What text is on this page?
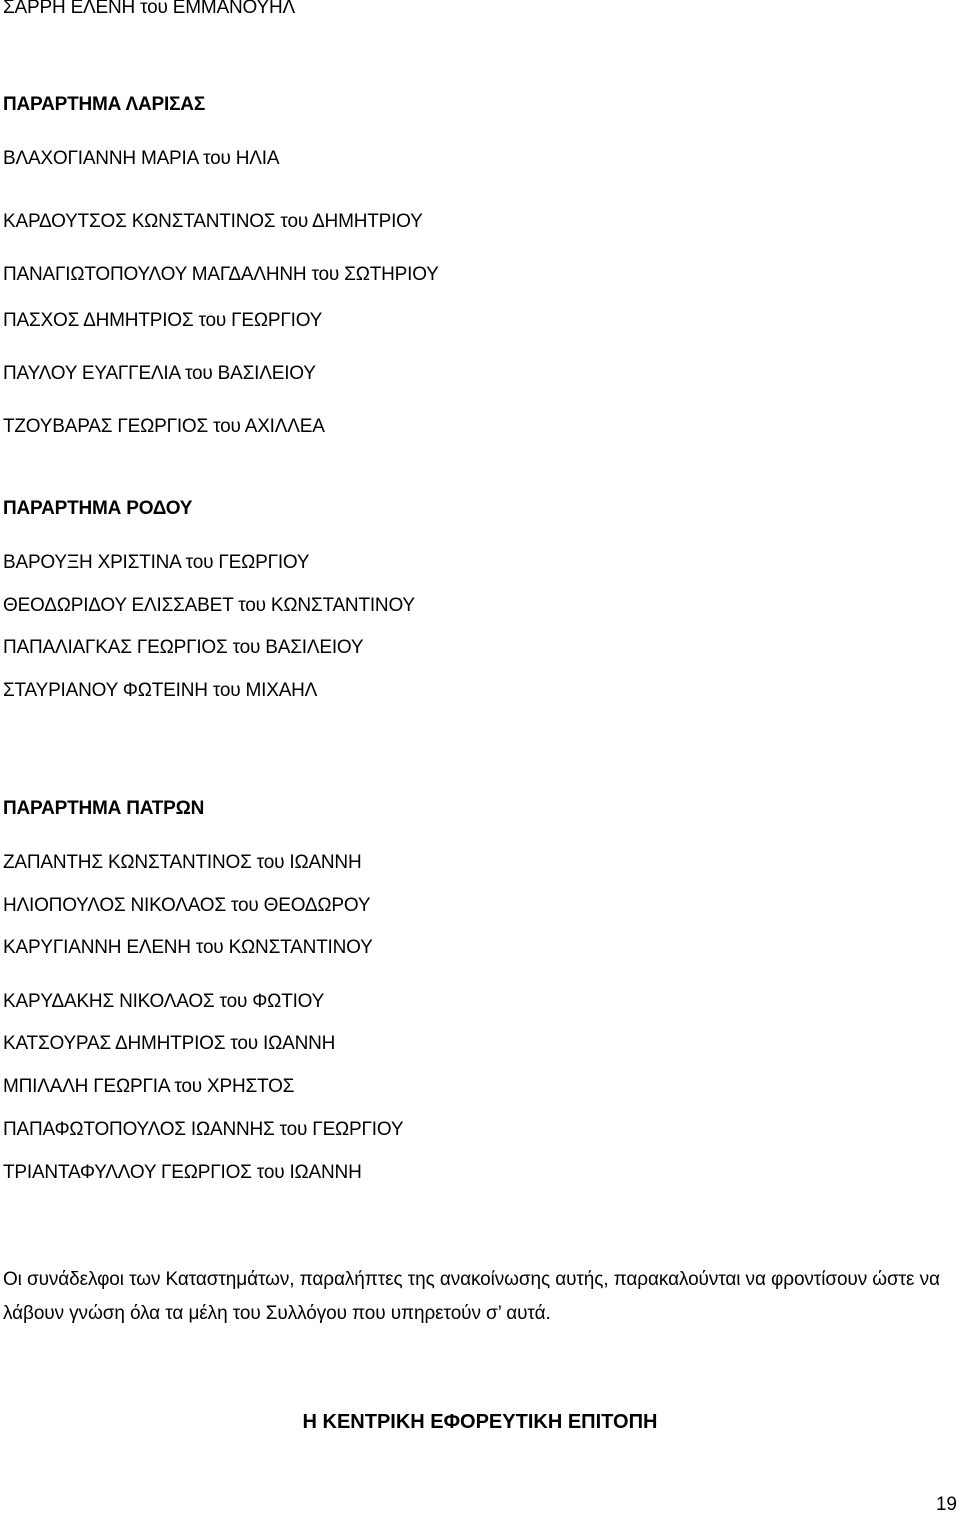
ΣΑΡΡΗ ΕΛΕΝΗ του ΕΜΜΑΝΟΥΗΛ
ΠΑΡΑΡΤΗΜΑ ΛΑΡΙΣΑΣ
ΒΛΑΧΟΓΙΑΝΝΗ ΜΑΡΙΑ του ΗΛΙΑ
ΚΑΡΔΟΥΤΣΟΣ ΚΩΝΣΤΑΝΤΙΝΟΣ του ΔΗΜΗΤΡΙΟΥ
ΠΑΝΑΓΙΩΤΟΠΟΥΛΟΥ ΜΑΓΔΑΛΗΝΗ του ΣΩΤΗΡΙΟΥ
ΠΑΣΧΟΣ ΔΗΜΗΤΡΙΟΣ του ΓΕΩΡΓΙΟΥ
ΠΑΥΛΟΥ ΕΥΑΓΓΕΛΙΑ του ΒΑΣΙΛΕΙΟΥ
ΤΖΟΥΒΑΡΑΣ ΓΕΩΡΓΙΟΣ του ΑΧΙΛΛΕΑ
ΠΑΡΑΡΤΗΜΑ ΡΟΔΟΥ
ΒΑΡΟΥΞΗ ΧΡΙΣΤΙΝΑ του ΓΕΩΡΓΙΟΥ
ΘΕΟΔΩΡΙΔΟΥ ΕΛΙΣΣΑΒΕΤ του ΚΩΝΣΤΑΝΤΙΝΟΥ
ΠΑΠΑΛΙΑΓΚΑΣ ΓΕΩΡΓΙΟΣ του ΒΑΣΙΛΕΙΟΥ
ΣΤΑΥΡΙΑΝΟΥ ΦΩΤΕΙΝΗ του ΜΙΧΑΗΛ
ΠΑΡΑΡΤΗΜΑ ΠΑΤΡΩΝ
ΖΑΠΑΝΤΗΣ ΚΩΝΣΤΑΝΤΙΝΟΣ του ΙΩΑΝΝΗ
ΗΛΙΟΠΟΥΛΟΣ ΝΙΚΟΛΑΟΣ του ΘΕΟΔΩΡΟΥ
ΚΑΡΥΓΙΑΝΝΗ ΕΛΕΝΗ του ΚΩΝΣΤΑΝΤΙΝΟΥ
ΚΑΡΥΔΑΚΗΣ ΝΙΚΟΛΑΟΣ του ΦΩΤΙΟΥ
ΚΑΤΣΟΥΡΑΣ ΔΗΜΗΤΡΙΟΣ του ΙΩΑΝΝΗ
ΜΠΙΛΑΛΗ ΓΕΩΡΓΙΑ του ΧΡΗΣΤΟΣ
ΠΑΠΑΦΩΤΟΠΟΥΛΟΣ ΙΩΑΝΝΗΣ του ΓΕΩΡΓΙΟΥ
ΤΡΙΑΝΤΑΦΥΛΛΟΥ ΓΕΩΡΓΙΟΣ του ΙΩΑΝΝΗ
Οι συνάδελφοι των Καταστημάτων, παραλήπτες της ανακοίνωσης αυτής, παρακαλούνται να φροντίσουν ώστε να λάβουν γνώση όλα τα μέλη του Συλλόγου που υπηρετούν σ’ αυτά.
Η ΚΕΝΤΡΙΚΗ ΕΦΟΡΕΥΤΙΚΗ ΕΠΙΤΟΠΗ
19
